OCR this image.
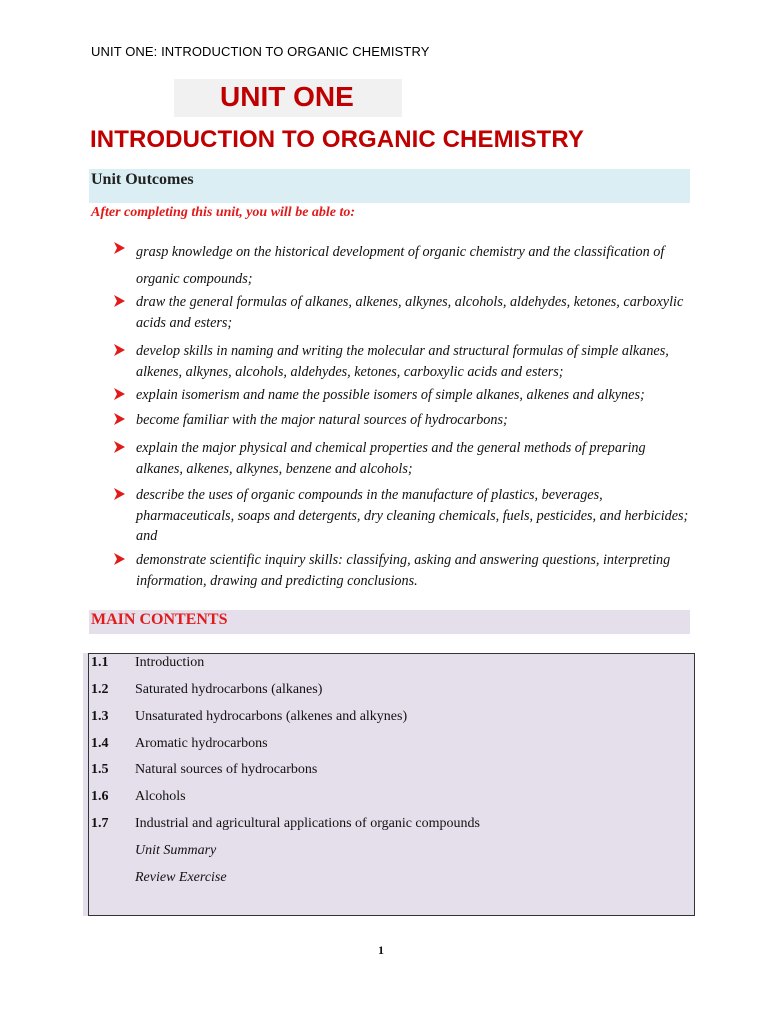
UNIT ONE: INTRODUCTION TO ORGANIC CHEMISTRY
UNIT ONE
INTRODUCTION TO ORGANIC CHEMISTRY
Unit Outcomes
After completing this unit, you will be able to:
grasp knowledge on the historical development of organic chemistry and the classification of organic compounds;
draw the general formulas of alkanes, alkenes, alkynes, alcohols, aldehydes, ketones, carboxylic acids and esters;
develop skills in naming and writing the molecular and structural formulas of simple alkanes, alkenes, alkynes, alcohols, aldehydes, ketones, carboxylic acids and esters;
explain isomerism and name the possible isomers of simple alkanes, alkenes and alkynes;
become familiar with the major natural sources of hydrocarbons;
explain the major physical and chemical properties and the general methods of preparing alkanes, alkenes, alkynes, benzene and alcohols;
describe the uses of organic compounds in the manufacture of plastics, beverages, pharmaceuticals, soaps and detergents, dry cleaning chemicals, fuels, pesticides, and herbicides; and
demonstrate scientific inquiry skills: classifying, asking and answering questions, interpreting information, drawing and predicting conclusions.
MAIN CONTENTS
1.1 Introduction
1.2 Saturated hydrocarbons (alkanes)
1.3 Unsaturated hydrocarbons (alkenes and alkynes)
1.4 Aromatic hydrocarbons
1.5 Natural sources of hydrocarbons
1.6 Alcohols
1.7 Industrial and agricultural applications of organic compounds
Unit Summary
Review Exercise
1
